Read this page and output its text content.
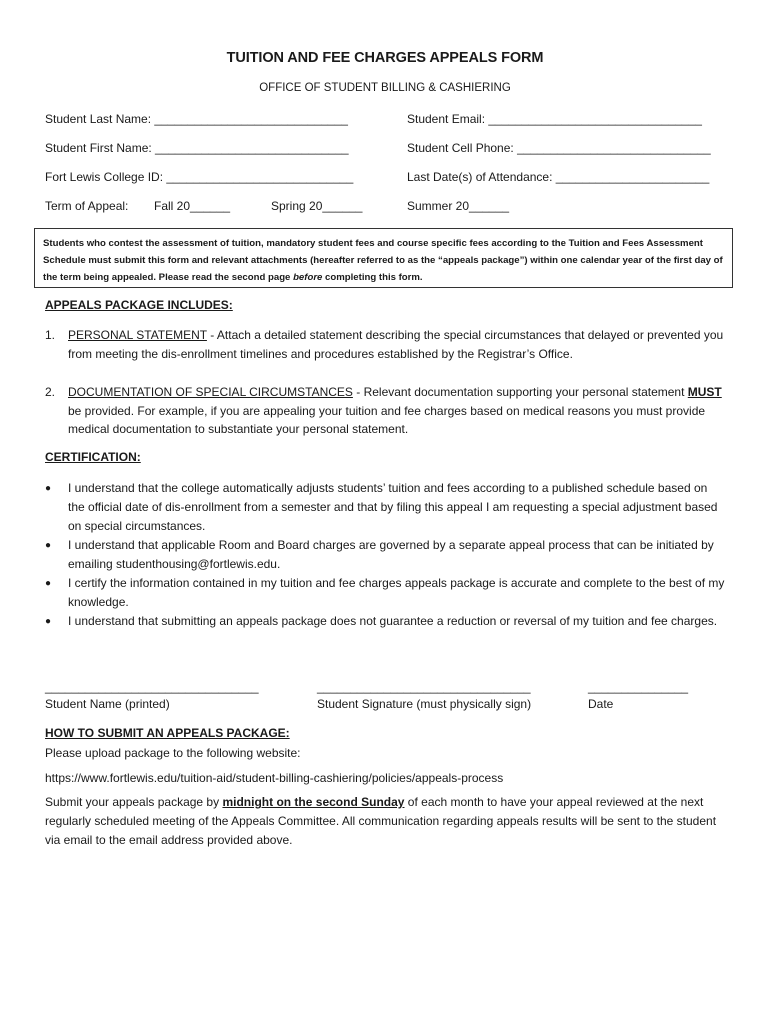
TUITION AND FEE CHARGES APPEALS FORM
OFFICE OF STUDENT BILLING & CASHIERING
Student Last Name: _____________________________	Student Email: ________________________________
Student First Name: _____________________________	Student Cell Phone: _____________________________
Fort Lewis College ID: ____________________________	Last Date(s) of Attendance: _______________________
Term of Appeal: Fall 20______	Spring 20______	Summer 20______

Students who contest the assessment of tuition, mandatory student fees and course specific fees according to the Tuition and Fees Assessment Schedule must submit this form and relevant attachments (hereafter referred to as the “appeals package”) within one calendar year of the first day of the term being appealed. Please read the second page before completing this form.

APPEALS PACKAGE INCLUDES:
1. PERSONAL STATEMENT - Attach a detailed statement describing the special circumstances that delayed or prevented you from meeting the dis-enrollment timelines and procedures established by the Registrar’s Office.
2. DOCUMENTATION OF SPECIAL CIRCUMSTANCES - Relevant documentation supporting your personal statement MUST be provided. For example, if you are appealing your tuition and fee charges based on medical reasons you must provide medical documentation to substantiate your personal statement.
CERTIFICATION:
● I understand that the college automatically adjusts students’ tuition and fees according to a published schedule based on the official date of dis-enrollment from a semester and that by filing this appeal I am requesting a special adjustment based on special circumstances.
● I understand that applicable Room and Board charges are governed by a separate appeal process that can be initiated by emailing studenthousing@fortlewis.edu.
● I certify the information contained in my tuition and fee charges appeals package is accurate and complete to the best of my knowledge.
● I understand that submitting an appeals package does not guarantee a reduction or reversal of my tuition and fee charges.
________________________________	________________________________	_______________
Student Name (printed)	Student Signature (must physically sign)	Date
HOW TO SUBMIT AN APPEALS PACKAGE:
Please upload package to the following website:
https://www.fortlewis.edu/tuition-aid/student-billing-cashiering/policies/appeals-process
Submit your appeals package by midnight on the second Sunday of each month to have your appeal reviewed at the next regularly scheduled meeting of the Appeals Committee. All communication regarding appeals results will be sent to the student via email to the email address provided above.
